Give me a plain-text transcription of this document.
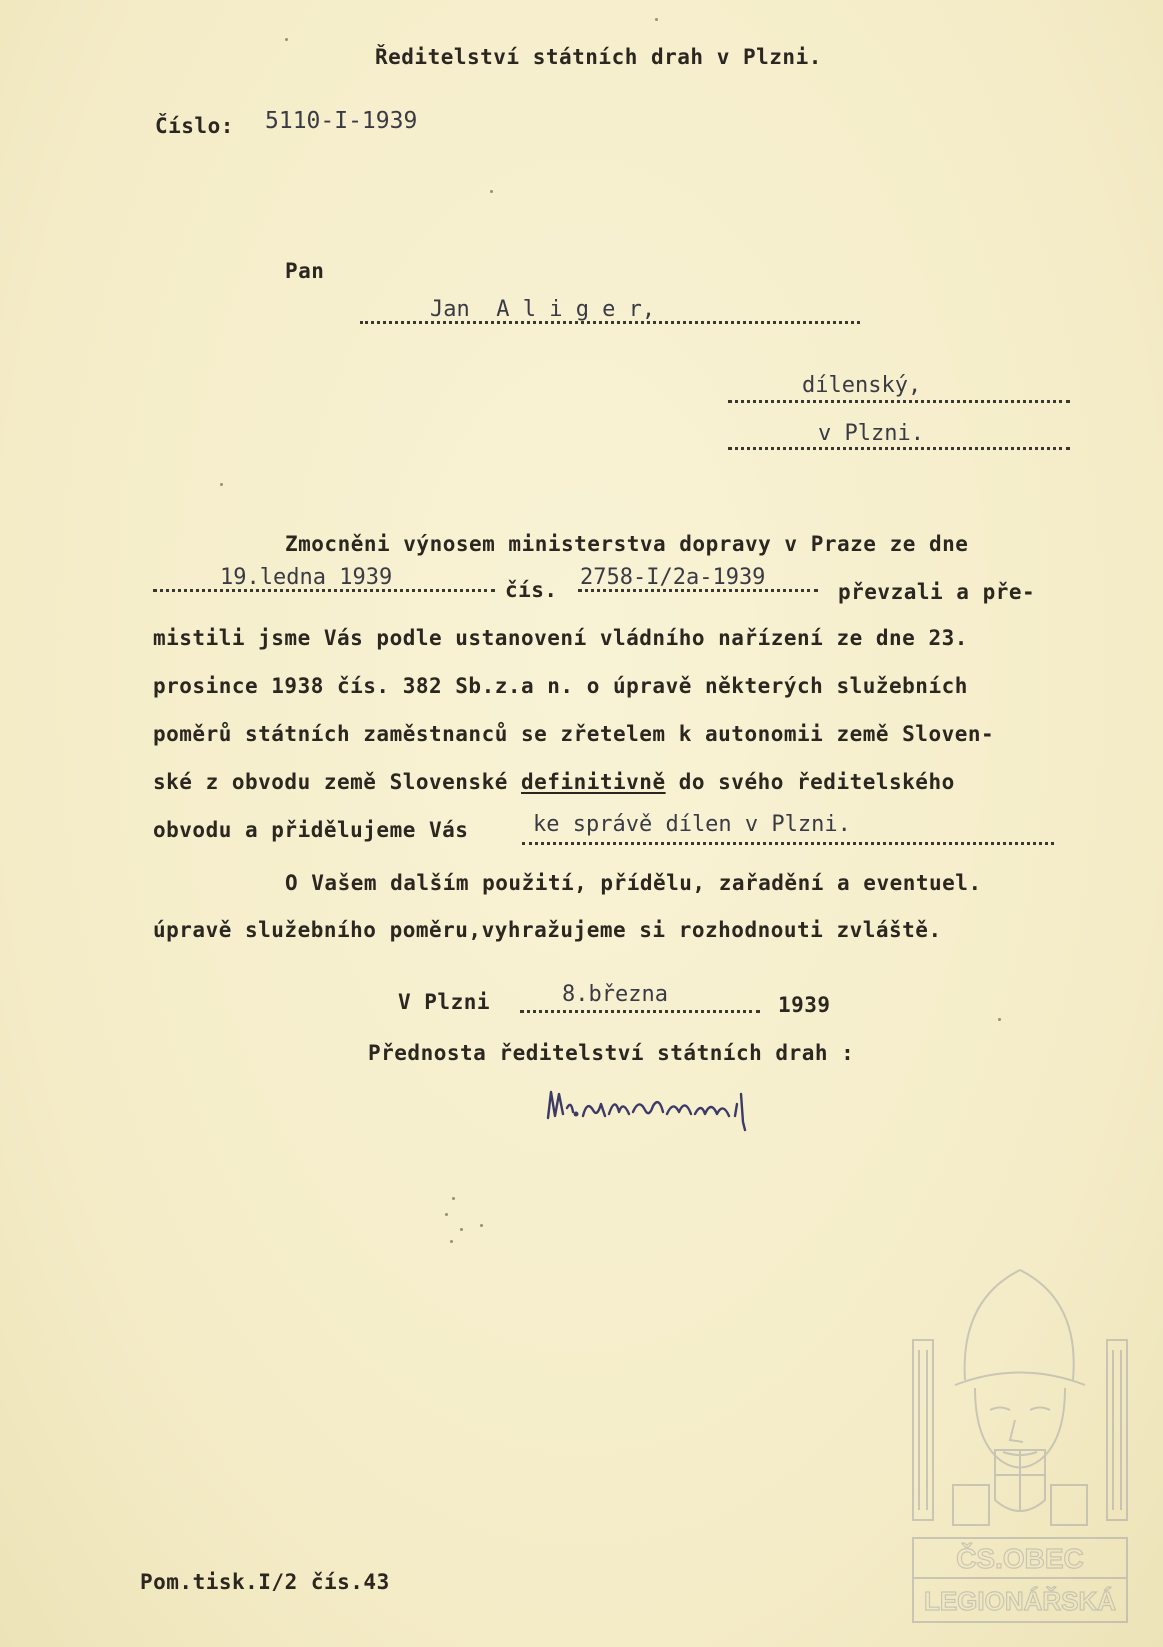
Ředitelství státních drah v Plzni.
Číslo: 5110-I-1939
Pan
Jan  A l i g e r,
dílenský,
v Plzni.
Zmocněni výnosem ministerstva dopravy v Praze ze dne
19.ledna 1939	čís. 2758-I/2a-1939
převzali a pře-
mistili jsme Vás podle ustanovení vládního nařízení ze dne 23.
prosince 1938 čís. 382 Sb.z.a n. o úpravě některých služebních
poměrů státních zaměstnanců se zřetelem k autonomii země Sloven-
ské z obvodu země Slovenské definitivně do svého ředitelského
obvodu a přidělujeme Vás	ke správě dílen v Plzni.
O Vašem dalším použití, přídělu, zařadění a eventuel.
úpravě služebního poměru,vyhražujeme si rozhodnouti zvláště.
V Plzni	8.března	1939
Přednosta ředitelství státních drah :
Pom.tisk.I/2 čís.43
ČS.OBEC
LEGIONÁŘSKÁ
